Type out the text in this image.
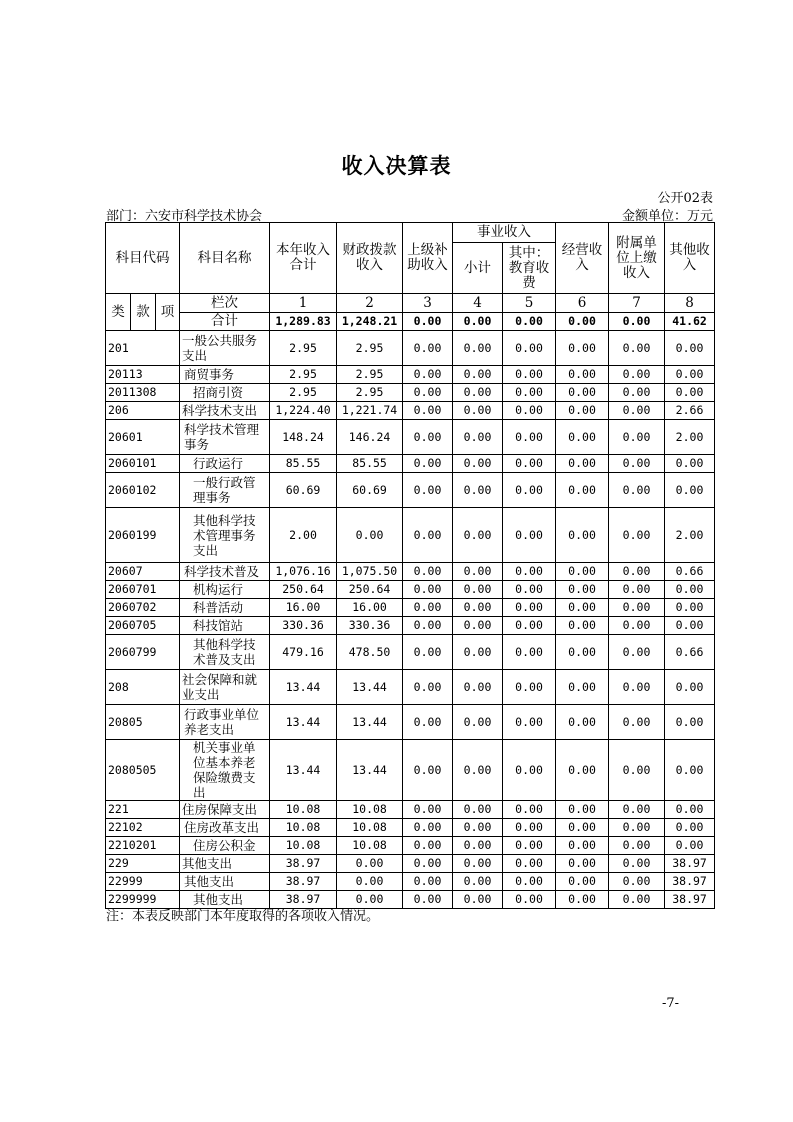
收入决算表
公开02表
部门：六安市科学技术协会	金额单位：万元
科目代码			科目名称	本年收入合计	财政拨款收入	上级补助收入	事业收入		经营收入	附属单位上缴收入	其他收入
							小计	其中：教育收费			
类	款	项	栏次	1	2	3	4	5	6	7	8
			合计	1,289.83	1,248.21	0.00	0.00	0.00	0.00	0.00	41.62
201			一般公共服务支出	2.95	2.95	0.00	0.00	0.00	0.00	0.00	0.00
20113			商贸事务	2.95	2.95	0.00	0.00	0.00	0.00	0.00	0.00
2011308			招商引资	2.95	2.95	0.00	0.00	0.00	0.00	0.00	0.00
206			科学技术支出	1,224.40	1,221.74	0.00	0.00	0.00	0.00	0.00	2.66
20601			科学技术管理事务	148.24	146.24	0.00	0.00	0.00	0.00	0.00	2.00
2060101			行政运行	85.55	85.55	0.00	0.00	0.00	0.00	0.00	0.00
2060102			一般行政管理事务	60.69	60.69	0.00	0.00	0.00	0.00	0.00	0.00
2060199			其他科学技术管理事务支出	2.00	0.00	0.00	0.00	0.00	0.00	0.00	2.00
20607			科学技术普及	1,076.16	1,075.50	0.00	0.00	0.00	0.00	0.00	0.66
2060701			机构运行	250.64	250.64	0.00	0.00	0.00	0.00	0.00	0.00
2060702			科普活动	16.00	16.00	0.00	0.00	0.00	0.00	0.00	0.00
2060705			科技馆站	330.36	330.36	0.00	0.00	0.00	0.00	0.00	0.00
2060799			其他科学技术普及支出	479.16	478.50	0.00	0.00	0.00	0.00	0.00	0.66
208			社会保障和就业支出	13.44	13.44	0.00	0.00	0.00	0.00	0.00	0.00
20805			行政事业单位养老支出	13.44	13.44	0.00	0.00	0.00	0.00	0.00	0.00
2080505			机关事业单位基本养老保险缴费支出	13.44	13.44	0.00	0.00	0.00	0.00	0.00	0.00
221			住房保障支出	10.08	10.08	0.00	0.00	0.00	0.00	0.00	0.00
22102			住房改革支出	10.08	10.08	0.00	0.00	0.00	0.00	0.00	0.00
2210201			住房公积金	10.08	10.08	0.00	0.00	0.00	0.00	0.00	0.00
229			其他支出	38.97	0.00	0.00	0.00	0.00	0.00	0.00	38.97
22999			其他支出	38.97	0.00	0.00	0.00	0.00	0.00	0.00	38.97
2299999			其他支出	38.97	0.00	0.00	0.00	0.00	0.00	0.00	38.97
注：本表反映部门本年度取得的各项收入情况。
-7-
